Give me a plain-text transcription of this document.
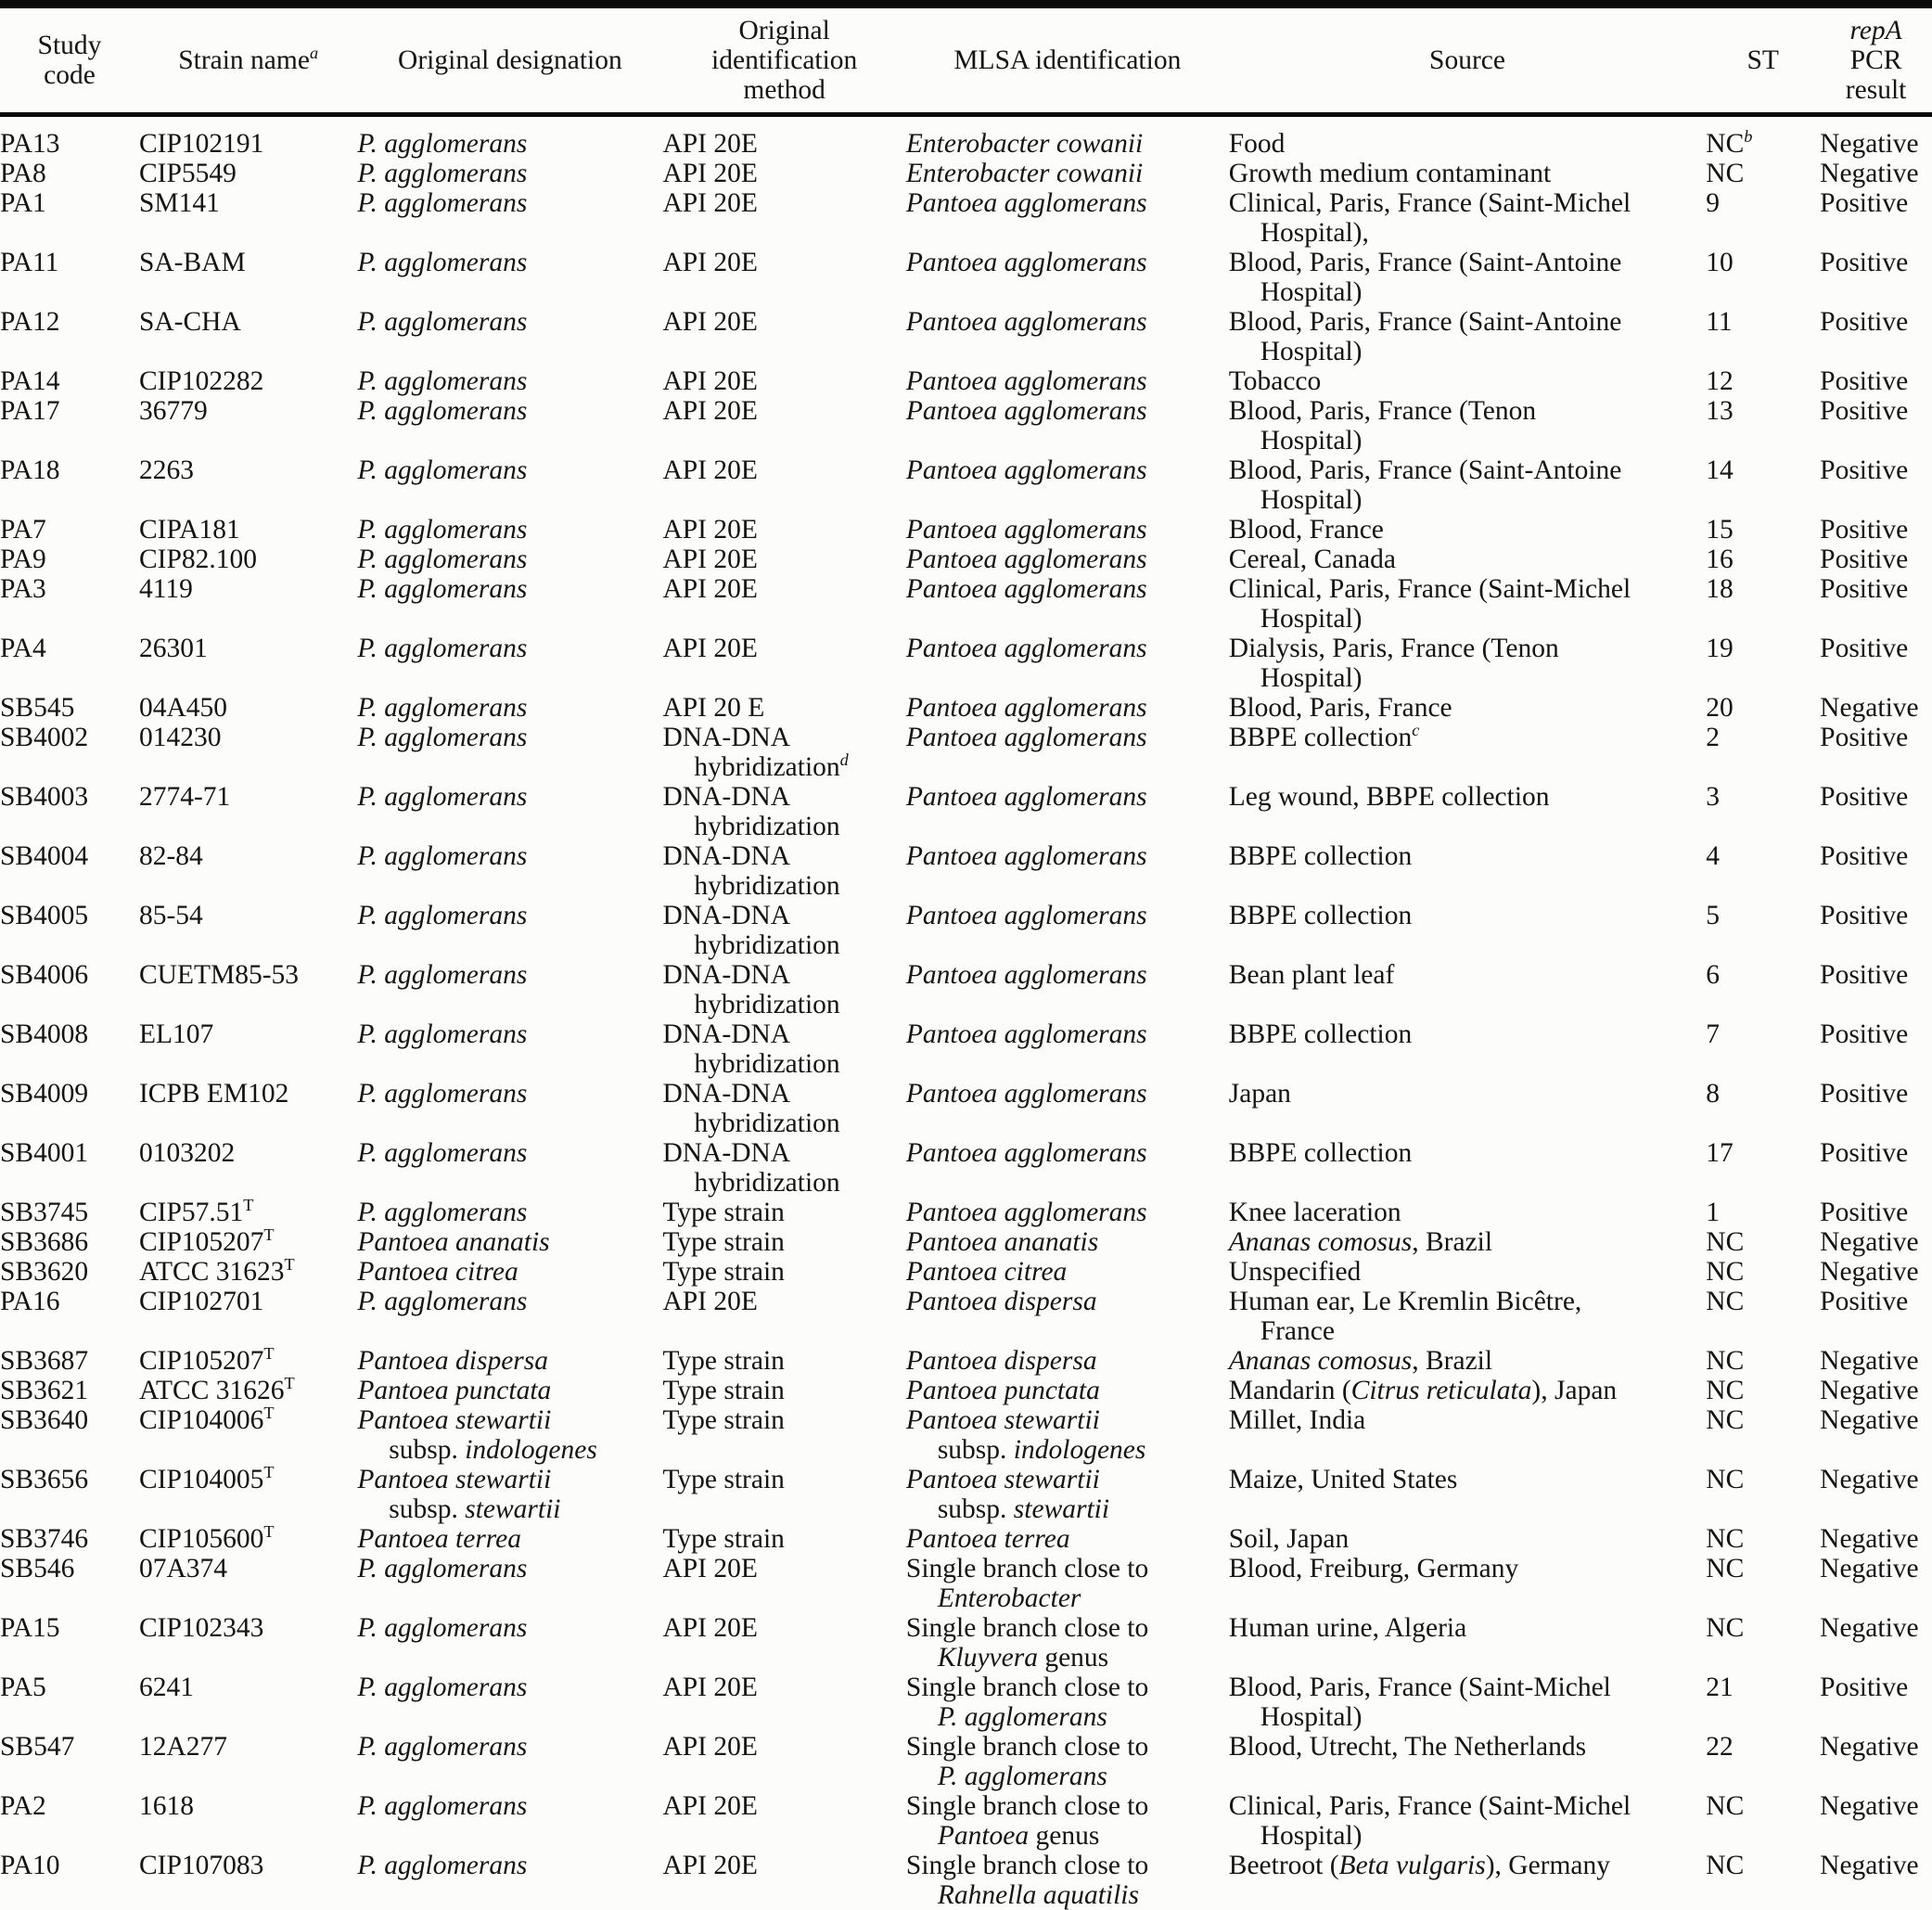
Study
code	Strain name$^a$	Original designation	Original
identification
method	MLSA identification	Source	ST	repA
PCR
result
PA13	CIP102191	P. agglomerans	API 20E	Enterobacter cowanii	Food	$NC^b$	Negative

PA8	CIP5549	P. agglomerans	API 20E	Enterobacter cowanii	Growth medium contaminant	NC	Negative

PA1	SM141	P. agglomerans	API 20E	Pantoea agglomerans	Clinical, Paris, France (Saint-Michel
Hospital),	9	Positive

PA11	SA-BAM	P. agglomerans	API 20E	Pantoea agglomerans	Blood, Paris, France (Saint-Antoine
Hospital)	10	Positive

PA12	SA-CHA	P. agglomerans	API 20E	Pantoea agglomerans	Blood, Paris, France (Saint-Antoine
Hospital)	11	Positive

PA14	CIP102282	P. agglomerans	API 20E	Pantoea agglomerans	Tobacco	12	Positive

PA17	36779	P. agglomerans	API 20E	Pantoea agglomerans	Blood, Paris, France (Tenon
Hospital)	13	Positive

PA18	2263	P. agglomerans	API 20E	Pantoea agglomerans	Blood, Paris, France (Saint-Antoine
Hospital)	14	Positive

PA7	CIPA181	P. agglomerans	API 20E	Pantoea agglomerans	Blood, France	15	Positive

PA9	CIP82.100	P. agglomerans	API 20E	Pantoea agglomerans	Cereal, Canada	16	Positive

PA3	4119	P. agglomerans	API 20E	Pantoea agglomerans	Clinical, Paris, France (Saint-Michel
Hospital)	18	Positive

PA4	26301	P. agglomerans	API 20E	Pantoea agglomerans	Dialysis, Paris, France (Tenon
Hospital)	19	Positive

SB545	04A450	P. agglomerans	API 20 E	Pantoea agglomerans	Blood, Paris, France	20	Negative

SB4002	014230	P. agglomerans	DNA-DNA
hybridization$^d$	Pantoea agglomerans	BBPE collection$^c$	2	Positive

SB4003	2774-71	P. agglomerans	DNA-DNA
hybridization	Pantoea agglomerans	Leg wound, BBPE collection	3	Positive

SB4004	82-84	P. agglomerans	DNA-DNA
hybridization	Pantoea agglomerans	BBPE collection	4	Positive

SB4005	85-54	P. agglomerans	DNA-DNA
hybridization	Pantoea agglomerans	BBPE collection	5	Positive

SB4006	CUETM85-53	P. agglomerans	DNA-DNA
hybridization	Pantoea agglomerans	Bean plant leaf	6	Positive

SB4008	EL107	P. agglomerans	DNA-DNA
hybridization	Pantoea agglomerans	BBPE collection	7	Positive

SB4009	ICPB EM102	P. agglomerans	DNA-DNA
hybridization	Pantoea agglomerans	Japan	8	Positive

SB4001	0103202	P. agglomerans	DNA-DNA
hybridization	Pantoea agglomerans	BBPE collection	17	Positive

SB3745	$CIP57.51^T$	P. agglomerans	Type strain	Pantoea agglomerans	Knee laceration	1	Positive

SB3686	$CIP105207^T$	Pantoea ananatis	Type strain	Pantoea ananatis	Ananas comosus, Brazil	NC	Negative

SB3620	ATCC $31623^T$	Pantoea citrea	Type strain	Pantoea citrea	Unspecified	NC	Negative

PA16	CIP102701	P. agglomerans	API 20E	Pantoea dispersa	Human ear, Le Kremlin Bicêtre,
France	NC	Positive

SB3687	$CIP105207^T$	Pantoea dispersa	Type strain	Pantoea dispersa	Ananas comosus, Brazil	NC	Negative

SB3621	ATCC $31626^T$	Pantoea punctata	Type strain	Pantoea punctata	Mandarin (Citrus reticulata), Japan	NC	Negative

SB3640	$CIP104006^T$	Pantoea stewartii
subsp. indologenes	Type strain	Pantoea stewartii
subsp. indologenes	Millet, India	NC	Negative

SB3656	$CIP104005^T$	Pantoea stewartii
subsp. stewartii	Type strain	Pantoea stewartii
subsp. stewartii	Maize, United States	NC	Negative

SB3746	$CIP105600^T$	Pantoea terrea	Type strain	Pantoea terrea	Soil, Japan	NC	Negative

SB546	07A374	P. agglomerans	API 20E	Single branch close to
Enterobacter	Blood, Freiburg, Germany	NC	Negative

PA15	CIP102343	P. agglomerans	API 20E	Single branch close to
Kluyvera genus	Human urine, Algeria	NC	Negative

PA5	6241	P. agglomerans	API 20E	Single branch close to
P. agglomerans	Blood, Paris, France (Saint-Michel
Hospital)	21	Positive

SB547	12A277	P. agglomerans	API 20E	Single branch close to
P. agglomerans	Blood, Utrecht, The Netherlands	22	Negative

PA2	1618	P. agglomerans	API 20E	Single branch close to
Pantoea genus	Clinical, Paris, France (Saint-Michel
Hospital)	NC	Negative

PA10	CIP107083	P. agglomerans	API 20E	Single branch close to
Rahnella aquatilis	Beetroot (Beta vulgaris), Germany	NC	Negative
